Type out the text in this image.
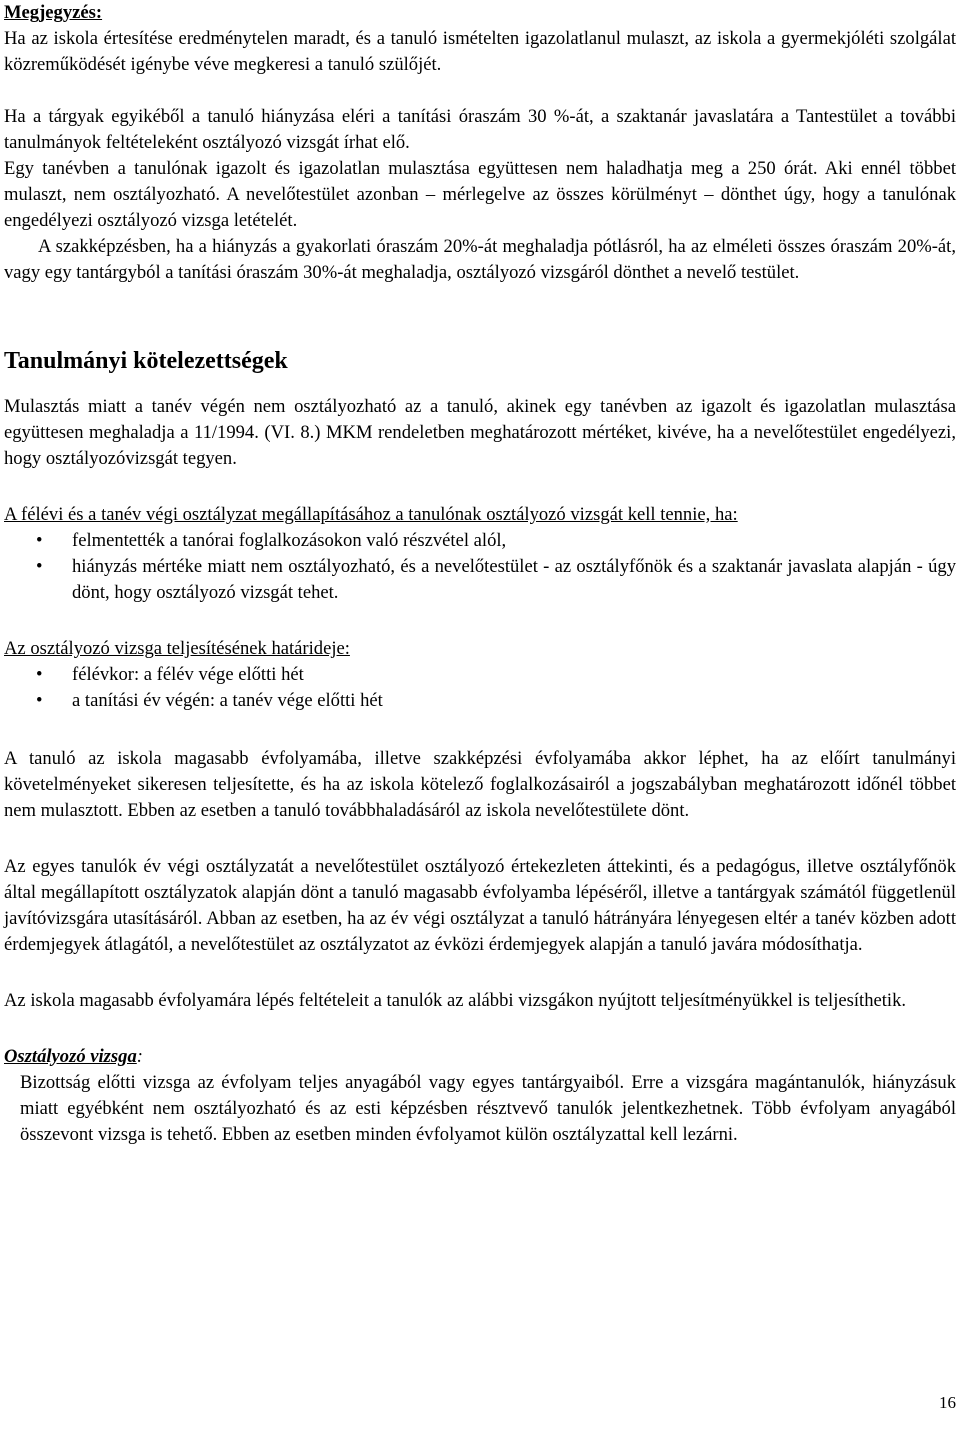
Megjegyzés:

Ha az iskola értesítése eredménytelen maradt, és a tanuló ismételten igazolatlanul mulaszt, az iskola a gyermekjóléti szolgálat közreműködését igénybe véve megkeresi a tanuló szülőjét.

Ha a tárgyak egyikéből a tanuló hiányzása eléri a tanítási óraszám 30 %-át, a szaktanár javaslatára a Tantestület a további tanulmányok feltételeként osztályozó vizsgát írhat elő.

Egy tanévben a tanulónak igazolt és igazolatlan mulasztása együttesen nem haladhatja meg a 250 órát. Aki ennél többet mulaszt, nem osztályozható. A nevelőtestület azonban – mérlegelve az összes körülményt – dönthet úgy, hogy a tanulónak engedélyezi osztályozó vizsga letételét.

A szakképzésben, ha a hiányzás a gyakorlati óraszám 20%-át meghaladja pótlásról, ha az elméleti összes óraszám 20%-át, vagy egy tantárgyból a tanítási óraszám 30%-át meghaladja, osztályozó vizsgáról dönthet a nevelő testület.

Tanulmányi kötelezettségek

Mulasztás miatt a tanév végén nem osztályozható az a tanuló, akinek egy tanévben az igazolt és igazolatlan mulasztása együttesen meghaladja a 11/1994. (VI. 8.) MKM rendeletben meghatározott mértéket, kivéve, ha a nevelőtestület engedélyezi, hogy osztályozóvizsgát tegyen.

A félévi és a tanév végi osztályzat megállapításához a tanulónak osztályozó vizsgát kell tennie, ha:

• felmentették a tanórai foglalkozásokon való részvétel alól,
• hiányzás mértéke miatt nem osztályozható, és a nevelőtestület - az osztályfőnök és a szaktanár javaslata alapján - úgy dönt, hogy osztályozó vizsgát tehet.

Az osztályozó vizsga teljesítésének határideje:

• félévkor: a félév vége előtti hét
• a tanítási év végén: a tanév vége előtti hét

A tanuló az iskola magasabb évfolyamába, illetve szakképzési évfolyamába akkor léphet, ha az előírt tanulmányi követelményeket sikeresen teljesítette, és ha az iskola kötelező foglalkozásairól a jogszabályban meghatározott időnél többet nem mulasztott. Ebben az esetben a tanuló továbbhaladásáról az iskola nevelőtestülete dönt.

Az egyes tanulók év végi osztályzatát a nevelőtestület osztályozó értekezleten áttekinti, és a pedagógus, illetve osztályfőnök által megállapított osztályzatok alapján dönt a tanuló magasabb évfolyamba lépéséről, illetve a tantárgyak számától függetlenül javítóvizsgára utasításáról. Abban az esetben, ha az év végi osztályzat a tanuló hátrányára lényegesen eltér a tanév közben adott érdemjegyek átlagától, a nevelőtestület az osztályzatot az évközi érdemjegyek alapján a tanuló javára módosíthatja.

Az iskola magasabb évfolyamára lépés feltételeit a tanulók az alábbi vizsgákon nyújtott teljesítményükkel is teljesíthetik.

Osztályozó vizsga:

Bizottság előtti vizsga az évfolyam teljes anyagából vagy egyes tantárgyaiból. Erre a vizsgára magántanulók, hiányzásuk miatt egyébként nem osztályozható és az esti képzésben résztvevő tanulók jelentkezhetnek. Több évfolyam anyagából összevont vizsga is tehető. Ebben az esetben minden évfolyamot külön osztályzattal kell lezárni.

16
